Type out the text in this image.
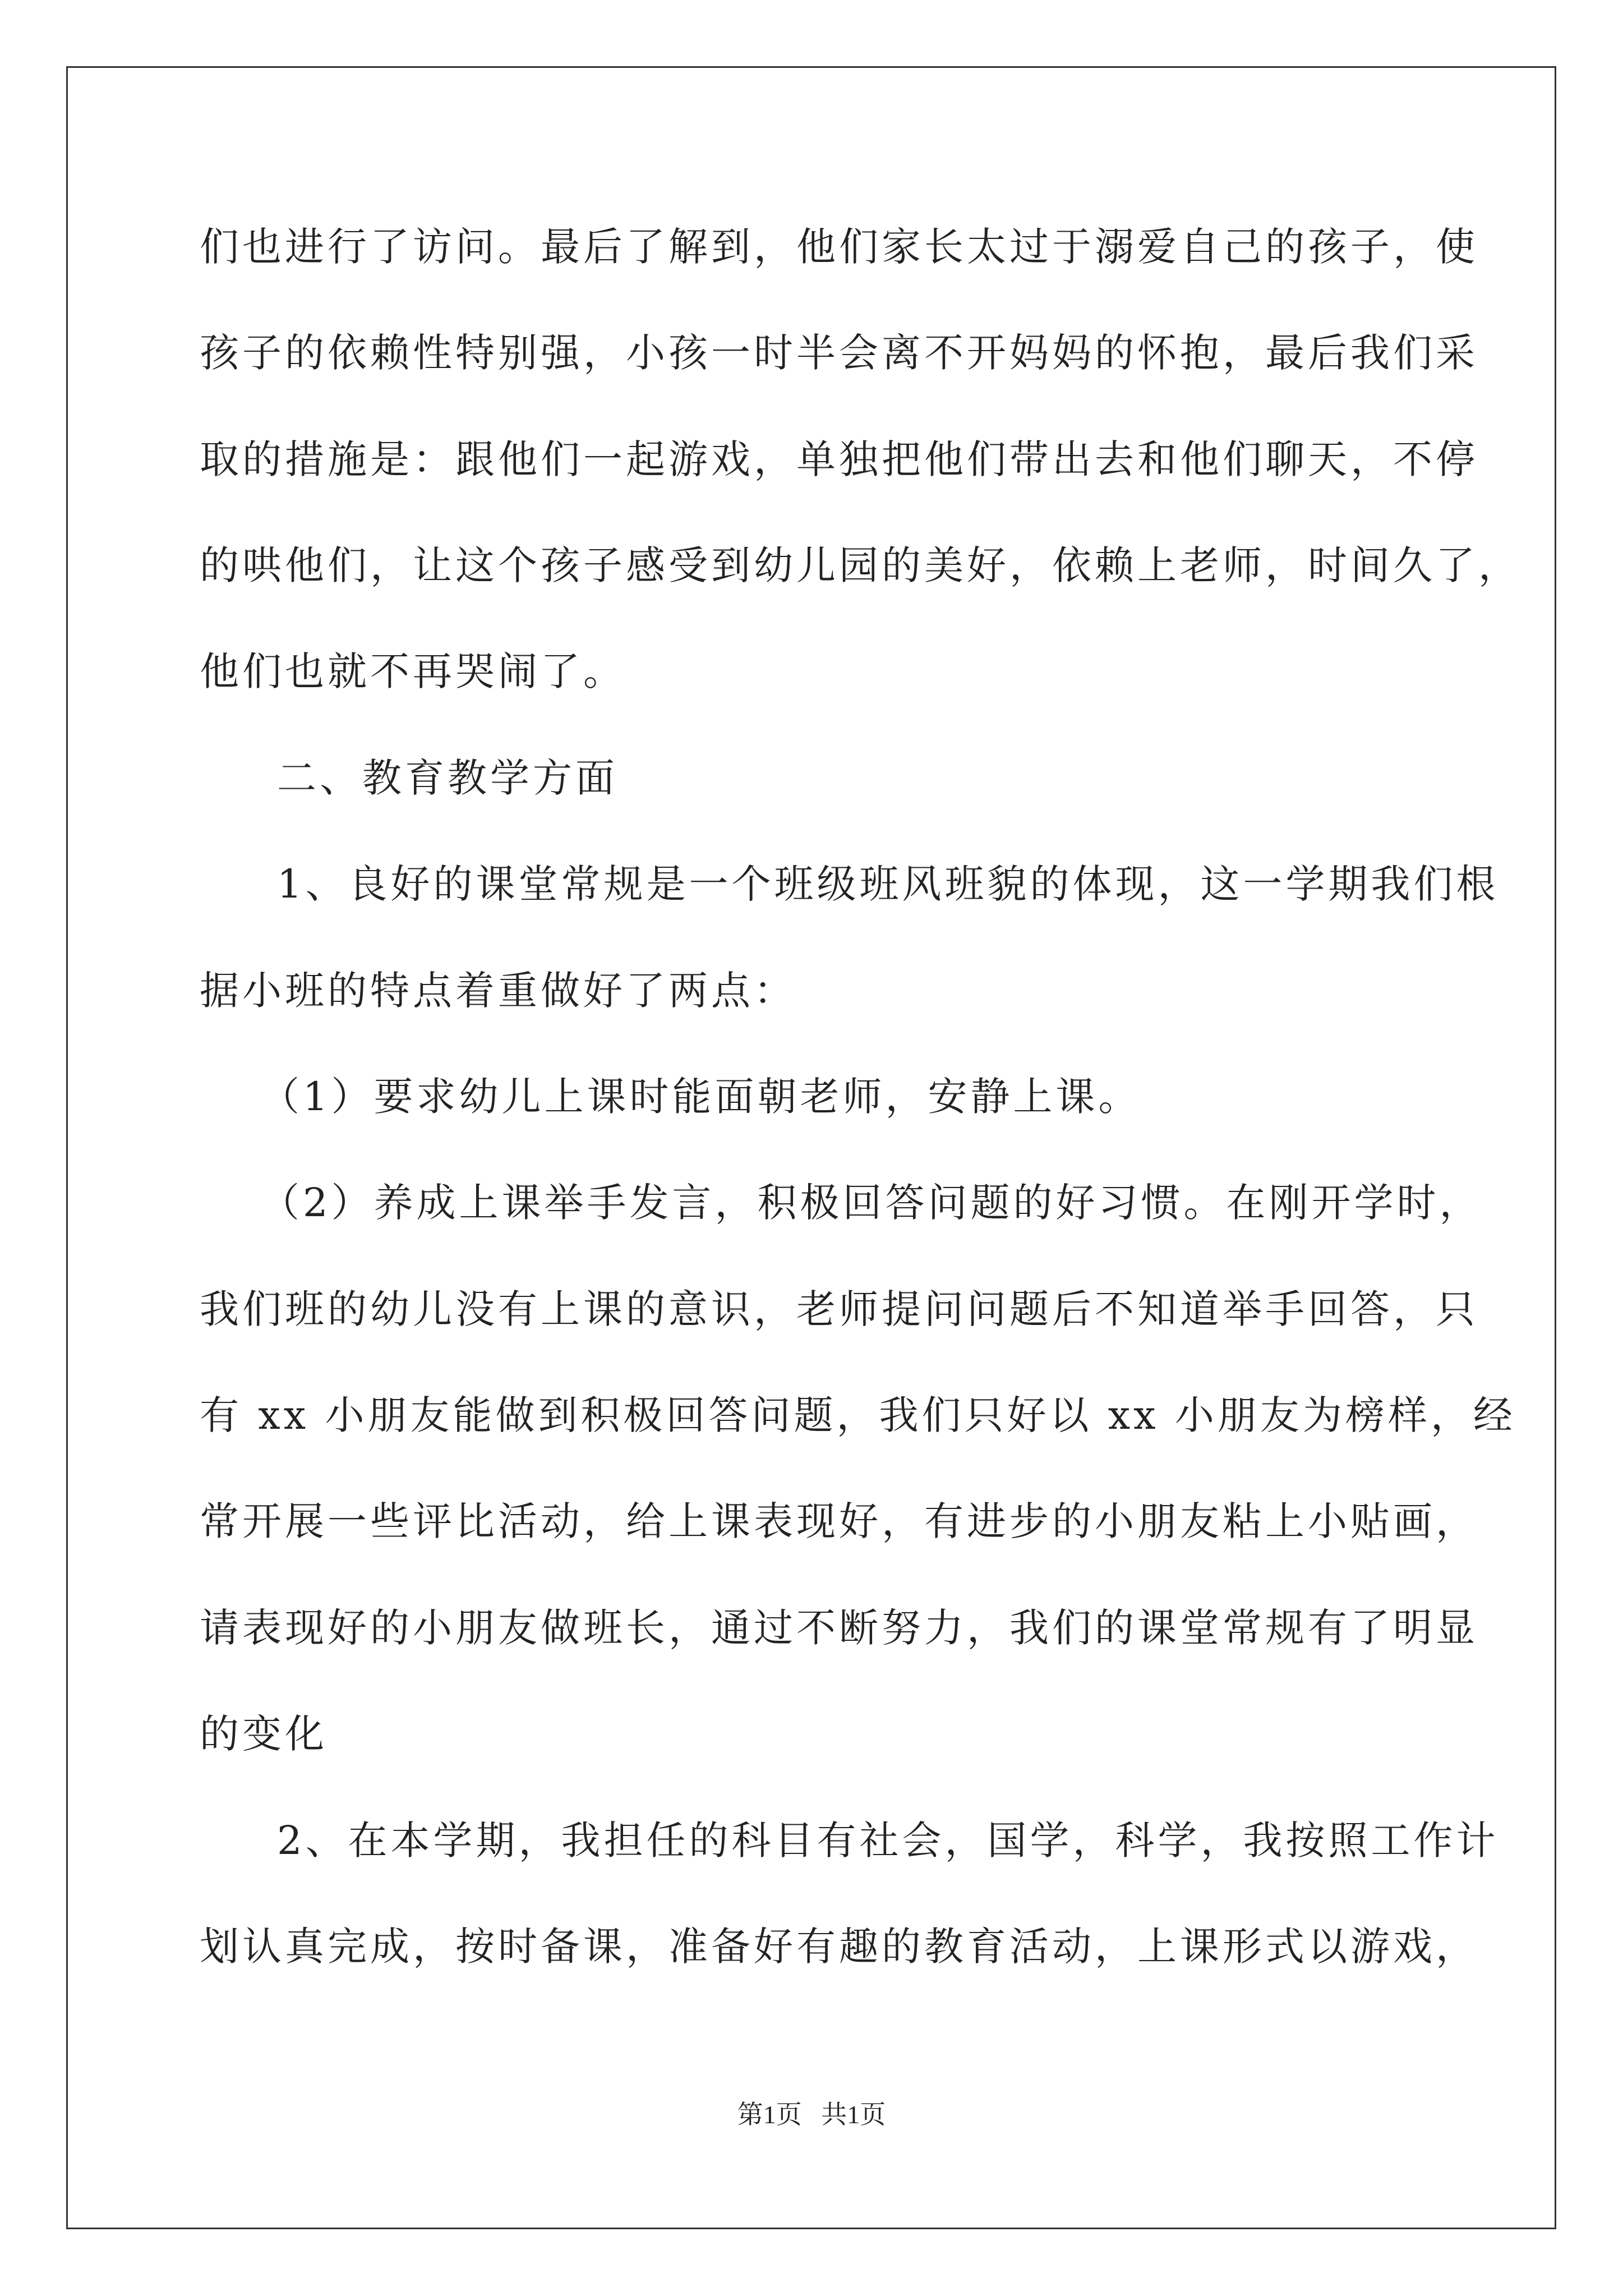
们也进行了访问。最后了解到，他们家长太过于溺爱自己的孩子，使
孩子的依赖性特别强，小孩一时半会离不开妈妈的怀抱，最后我们采
取的措施是：跟他们一起游戏，单独把他们带出去和他们聊天，不停
的哄他们，让这个孩子感受到幼儿园的美好，依赖上老师，时间久了，
他们也就不再哭闹了。
二、教育教学方面
1、良好的课堂常规是一个班级班风班貌的体现，这一学期我们根
据小班的特点着重做好了两点：
（1）要求幼儿上课时能面朝老师，安静上课。
（2）养成上课举手发言，积极回答问题的好习惯。在刚开学时，
我们班的幼儿没有上课的意识，老师提问问题后不知道举手回答，只
有 xx 小朋友能做到积极回答问题，我们只好以 xx 小朋友为榜样，经
常开展一些评比活动，给上课表现好，有进步的小朋友粘上小贴画，
请表现好的小朋友做班长，通过不断努力，我们的课堂常规有了明显
的变化
2、在本学期，我担任的科目有社会，国学，科学，我按照工作计
划认真完成，按时备课，准备好有趣的教育活动，上课形式以游戏，
第1页   共1页
